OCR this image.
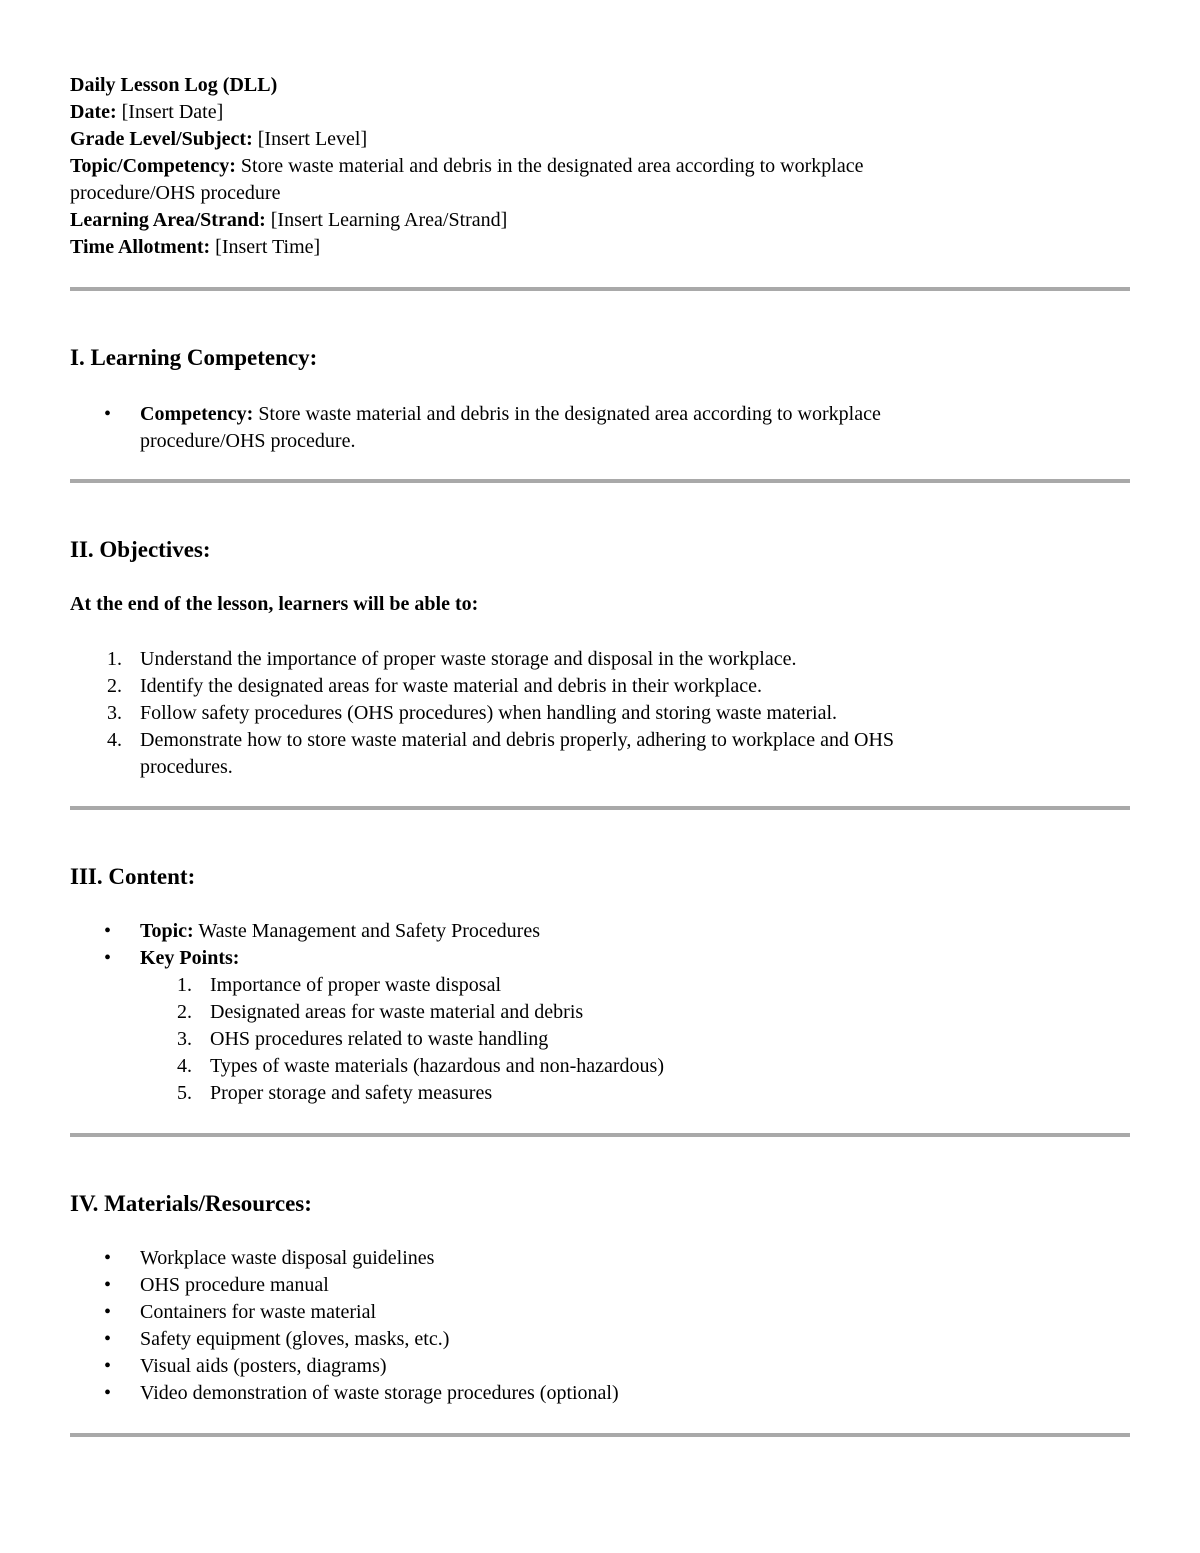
Daily Lesson Log (DLL)

Date: [Insert Date]

Grade Level/Subject: [Insert Level]

Topic/Competency: Store waste material and debris in the designated area according to workplace

procedure/OHS procedure

Learning Area/Strand: [Insert Learning Area/Strand]

Time Allotment: [Insert Time]

I. Learning Competency:
• Competency: Store waste material and debris in the designated area according to workplace
procedure/OHS procedure.
II. Objectives:

At the end of the lesson, learners will be able to:

1. Understand the importance of proper waste storage and disposal in the workplace.
2. Identify the designated areas for waste material and debris in their workplace.
3. Follow safety procedures (OHS procedures) when handling and storing waste material.
4. Demonstrate how to store waste material and debris properly, adhering to workplace and OHS
procedures.
III. Content:
• Topic: Waste Management and Safety Procedures
• Key Points:
1. Importance of proper waste disposal
2. Designated areas for waste material and debris
3. OHS procedures related to waste handling
4. Types of waste materials (hazardous and non-hazardous)
5. Proper storage and safety measures
IV. Materials/Resources:
• Workplace waste disposal guidelines
• OHS procedure manual
• Containers for waste material
• Safety equipment (gloves, masks, etc.)
• Visual aids (posters, diagrams)
• Video demonstration of waste storage procedures (optional)
